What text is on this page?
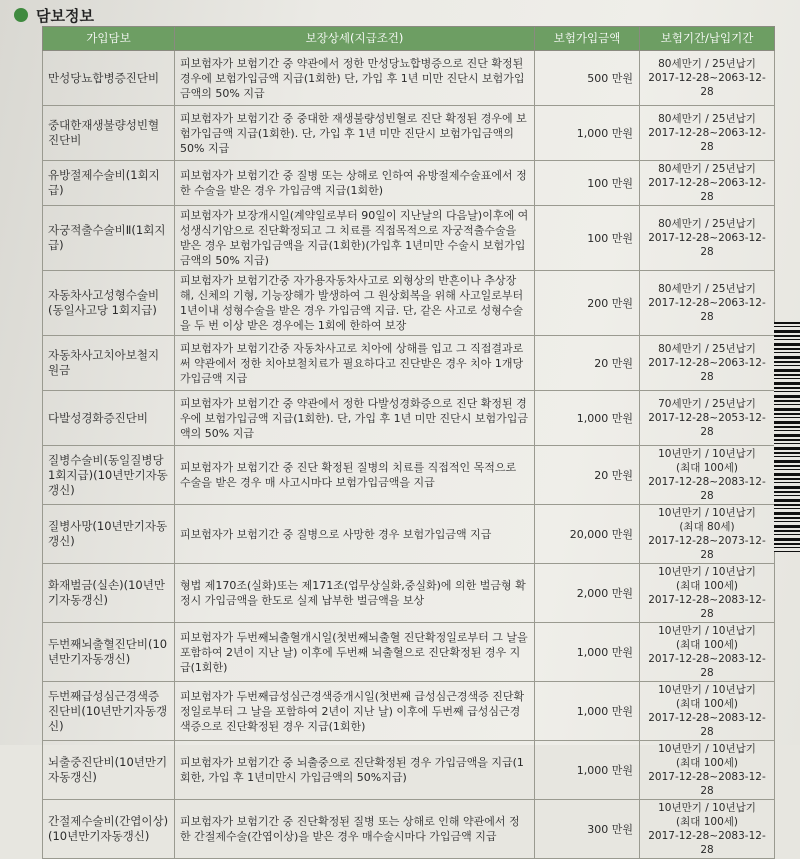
담보정보
가입담보	보장상세(지급조건)	보험가입금액	보험기간/납입기간
만성당뇨합병증진단비	피보험자가 보험기간 중 약관에서 정한 만성당뇨합병증으로 진단 확정된 경우에 보험가입금액 지급(1회한) 단, 가입 후 1년 미만 진단시 보험가입금액의 50% 지급	500 만원	80세만기 / 25년납기
2017-12-28~2063-12-28

중대한재생불량성빈혈진단비	피보험자가 보험기간 중 중대한 재생불량성빈혈로 진단 확정된 경우에 보험가입금액 지급(1회한). 단, 가입 후 1년 미만 진단시 보험가입금액의 50% 지급	1,000 만원	80세만기 / 25년납기
2017-12-28~2063-12-28

유방절제수술비(1회지급)	피보험자가 보험기간 중 질병 또는 상해로 인하여 유방절제수술표에서 정한 수술을 받은 경우 가입금액 지급(1회한)	100 만원	80세만기 / 25년납기
2017-12-28~2063-12-28

자궁적출수술비Ⅱ(1회지급)	피보험자가 보장개시일(계약일로부터 90일이 지난날의 다음날)이후에 여성생식기암으로 진단확정되고 그 치료를 직접목적으로 자궁적출수술을 받은 경우 보험가입금액을 지급(1회한)(가입후 1년미만 수술시 보험가입금액의 50% 지급)	100 만원	80세만기 / 25년납기
2017-12-28~2063-12-28

자동차사고성형수술비(동일사고당 1회지급)	피보험자가 보험기간중 자가용자동차사고로 외형상의 반흔이나 추상장해, 신체의 기형, 기능장해가 발생하여 그 원상회복을 위해 사고일로부터 1년이내 성형수술을 받은 경우 가입금액 지급. 단, 같은 사고로 성형수술을 두 번 이상 받은 경우에는 1회에 한하여 보장	200 만원	80세만기 / 25년납기
2017-12-28~2063-12-28

자동차사고치아보철지원금	피보험자가 보험기간중 자동차사고로 치아에 상해를 입고 그 직접결과로써 약관에서 정한 치아보철치료가 필요하다고 진단받은 경우 치아 1개당 가입금액 지급	20 만원	80세만기 / 25년납기
2017-12-28~2063-12-28

다발성경화증진단비	피보험자가 보험기간 중 약관에서 정한 다발성경화증으로 진단 확정된 경우에 보험가입금액 지급(1회한). 단, 가입 후 1년 미만 진단시 보험가입금액의 50% 지급	1,000 만원	70세만기 / 25년납기
2017-12-28~2053-12-28

질병수술비(동일질병당 1회지급)(10년만기자동갱신)	피보험자가 보험기간 중 진단 확정된 질병의 치료를 직접적인 목적으로 수술을 받은 경우 매 사고시마다 보험가입금액을 지급	20 만원	10년만기 / 10년납기
(최대 100세)
2017-12-28~2083-12-28

질병사망(10년만기자동갱신)	피보험자가 보험기간 중 질병으로 사망한 경우 보험가입금액 지급	20,000 만원	10년만기 / 10년납기
(최대 80세)
2017-12-28~2073-12-28

화재벌금(실손)(10년만기자동갱신)	형법 제170조(실화)또는 제171조(업무상실화,중실화)에 의한 벌금형 확정시 가입금액을 한도로 실제 납부한 벌금액을 보상	2,000 만원	10년만기 / 10년납기
(최대 100세)
2017-12-28~2083-12-28

두번째뇌출혈진단비(10년만기자동갱신)	피보험자가 두번째뇌출혈개시일(첫번째뇌출혈 진단확정일로부터 그 날을 포함하여 2년이 지난 날) 이후에 두번째 뇌출혈으로 진단확정된 경우 지급(1회한)	1,000 만원	10년만기 / 10년납기
(최대 100세)
2017-12-28~2083-12-28

두번째급성심근경색증진단비(10년만기자동갱신)	피보험자가 두번째급성심근경색증개시일(첫번째 급성심근경색증 진단확정일로부터 그 날을 포함하여 2년이 지난 날) 이후에 두번째 급성심근경색증으로 진단확정된 경우 지급(1회한)	1,000 만원	10년만기 / 10년납기
(최대 100세)
2017-12-28~2083-12-28

뇌출중진단비(10년만기자동갱신)	피보험자가 보험기간 중 뇌출중으로 진단확정된 경우 가입금액을 지급(1회한, 가입 후 1년미만시 가입금액의 50%지급)	1,000 만원	10년만기 / 10년납기
(최대 100세)
2017-12-28~2083-12-28

간절제수술비(간엽이상)(10년만기자동갱신)	피보험자가 보험기간 중 진단확정된 질병 또는 상해로 인해 약관에서 정한 간절제수술(간엽이상)을 받은 경우 매수술시마다 가입금액 지급	300 만원	10년만기 / 10년납기
(최대 100세)
2017-12-28~2083-12-28
